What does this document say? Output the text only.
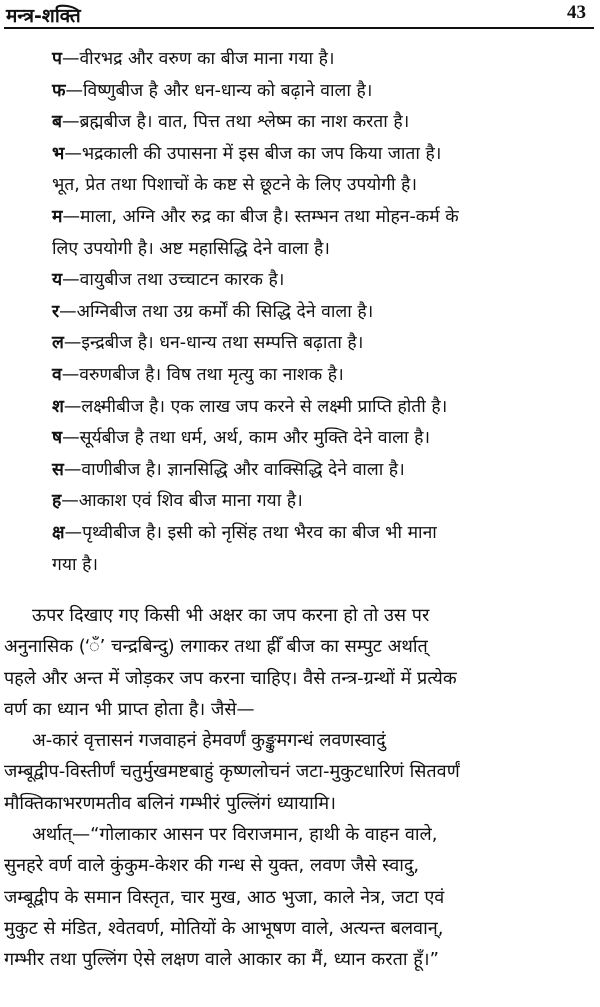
मन्त्र-शक्ति	43
प—वीरभद्र और वरुण का बीज माना गया है।
फ—विष्णुबीज है और धन-धान्य को बढ़ाने वाला है।
ब—ब्रह्मबीज है। वात, पित्त तथा श्लेष्म का नाश करता है।
भ—भद्रकाली की उपासना में इस बीज का जप किया जाता है।
भूत, प्रेत तथा पिशाचों के कष्ट से छूटने के लिए उपयोगी है।
म—माला, अग्नि और रुद्र का बीज है। स्तम्भन तथा मोहन-कर्म के
लिए उपयोगी है। अष्ट महासिद्धि देने वाला है।
य—वायुबीज तथा उच्चाटन कारक है।
र—अग्निबीज तथा उग्र कर्मों की सिद्धि देने वाला है।
ल—इन्द्रबीज है। धन-धान्य तथा सम्पत्ति बढ़ाता है।
व—वरुणबीज है। विष तथा मृत्यु का नाशक है।
श—लक्ष्मीबीज है। एक लाख जप करने से लक्ष्मी प्राप्ति होती है।
ष—सूर्यबीज है तथा धर्म, अर्थ, काम और मुक्ति देने वाला है।
स—वाणीबीज है। ज्ञानसिद्धि और वाक्सिद्धि देने वाला है।
ह—आकाश एवं शिव बीज माना गया है।
क्ष—पृथ्वीबीज है। इसी को नृसिंह तथा भैरव का बीज भी माना
गया है।
ऊपर दिखाए गए किसी भी अक्षर का जप करना हो तो उस पर
अनुनासिक (‘ँ’ चन्द्रबिन्दु) लगाकर तथा ह्रीँ बीज का सम्पुट अर्थात्
पहले और अन्त में जोड़कर जप करना चाहिए। वैसे तन्त्र-ग्रन्थों में प्रत्येक
वर्ण का ध्यान भी प्राप्त होता है। जैसे—
अ-कारं वृत्तासनं गजवाहनं हेमवर्णं कुङ्कुमगन्धं लवणस्वादुं
जम्बूद्वीप-विस्तीर्णं चतुर्मुखमष्टबाहुं कृष्णलोचनं जटा-मुकुटधारिणं सितवर्णं
मौक्तिकाभरणमतीव बलिनं गम्भीरं पुल्लिंगं ध्यायामि।
अर्थात्—“गोलाकार आसन पर विराजमान, हाथी के वाहन वाले,
सुनहरे वर्ण वाले कुंकुम-केशर की गन्ध से युक्त, लवण जैसे स्वादु,
जम्बूद्वीप के समान विस्तृत, चार मुख, आठ भुजा, काले नेत्र, जटा एवं
मुकुट से मंडित, श्वेतवर्ण, मोतियों के आभूषण वाले, अत्यन्त बलवान्,
गम्भीर तथा पुल्लिंग ऐसे लक्षण वाले आकार का मैं, ध्यान करता हूँ।”
